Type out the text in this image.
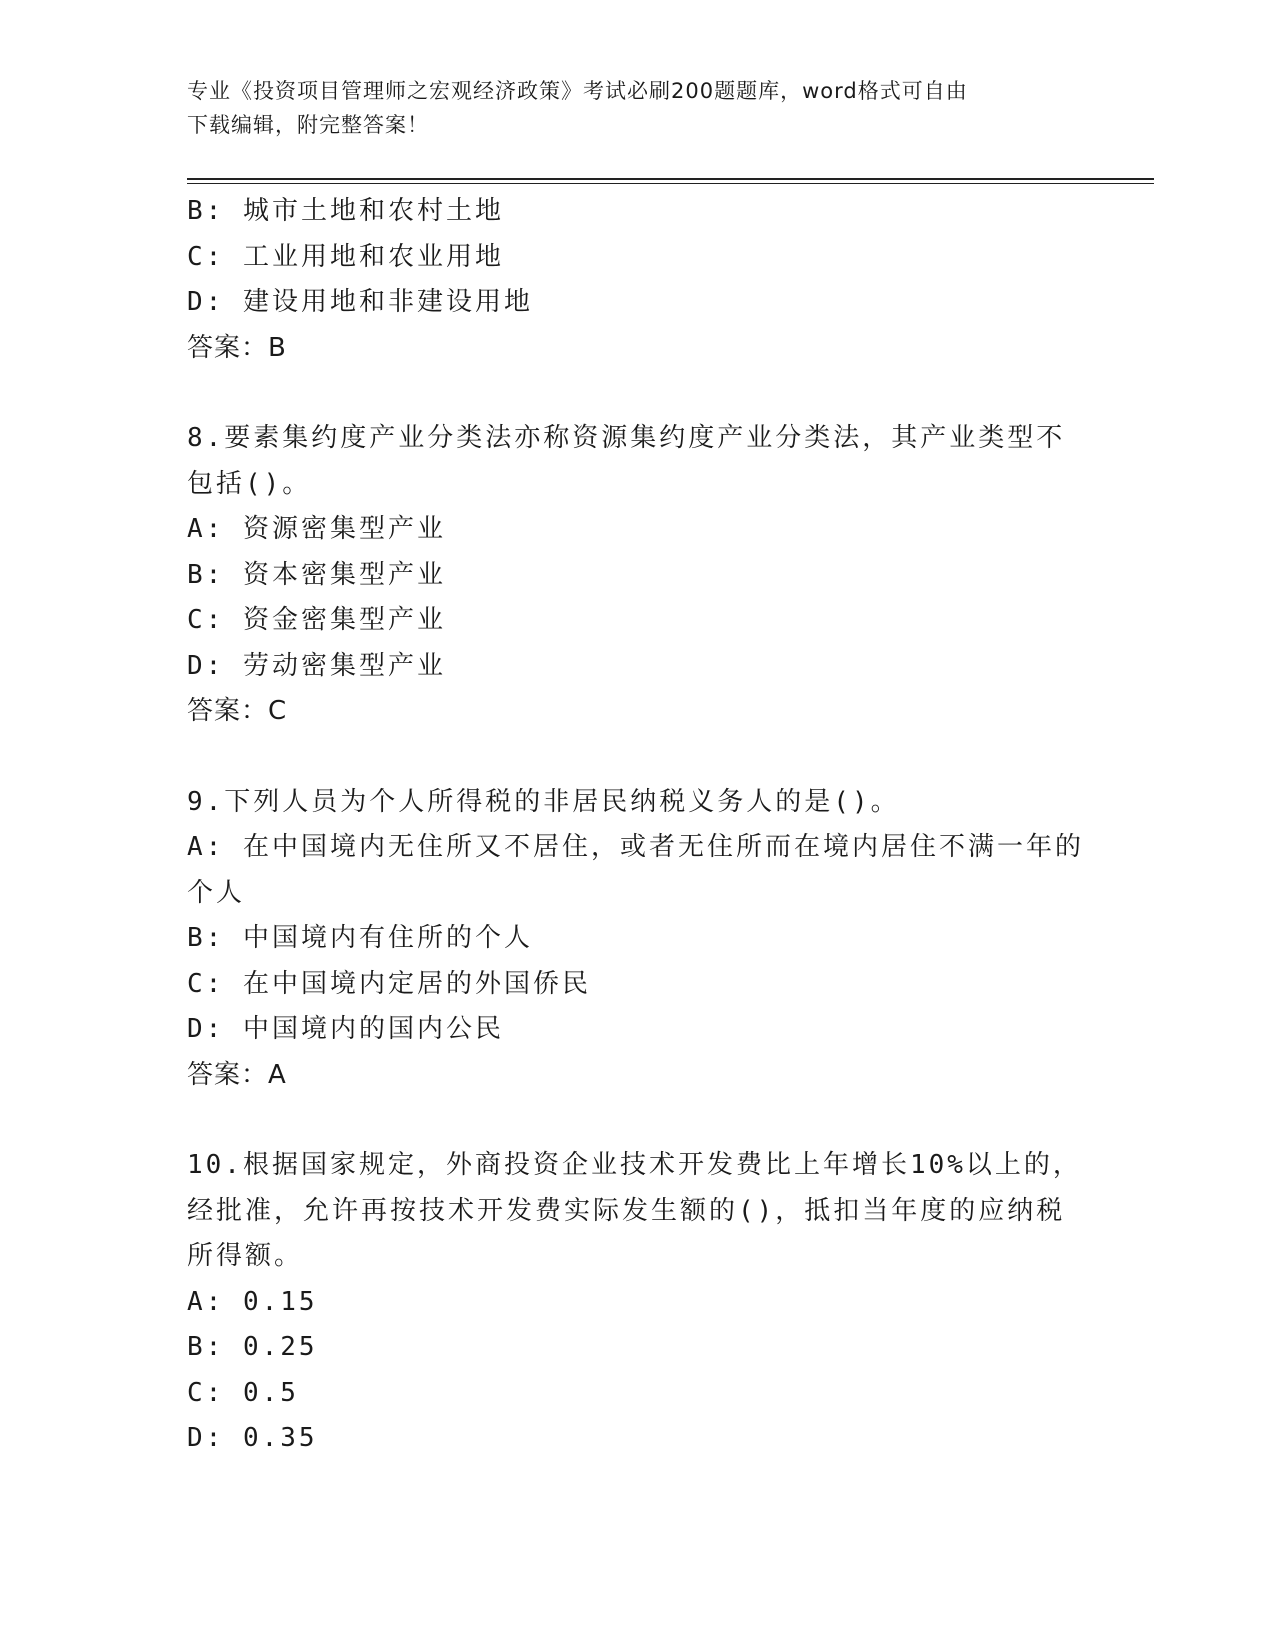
专业《投资项目管理师之宏观经济政策》考试必刷200题题库，word格式可自由
下载编辑，附完整答案！
B: 城市土地和农村土地
C: 工业用地和农业用地
D: 建设用地和非建设用地
答案：B
8.要素集约度产业分类法亦称资源集约度产业分类法，其产业类型不
包括()。
A: 资源密集型产业
B: 资本密集型产业
C: 资金密集型产业
D: 劳动密集型产业
答案：C
9.下列人员为个人所得税的非居民纳税义务人的是()。
A: 在中国境内无住所又不居住，或者无住所而在境内居住不满一年的
个人
B: 中国境内有住所的个人
C: 在中国境内定居的外国侨民
D: 中国境内的国内公民
答案：A
10.根据国家规定，外商投资企业技术开发费比上年增长10%以上的，
经批准，允许再按技术开发费实际发生额的()，抵扣当年度的应纳税
所得额。
A: 0.15
B: 0.25
C: 0.5
D: 0.35
